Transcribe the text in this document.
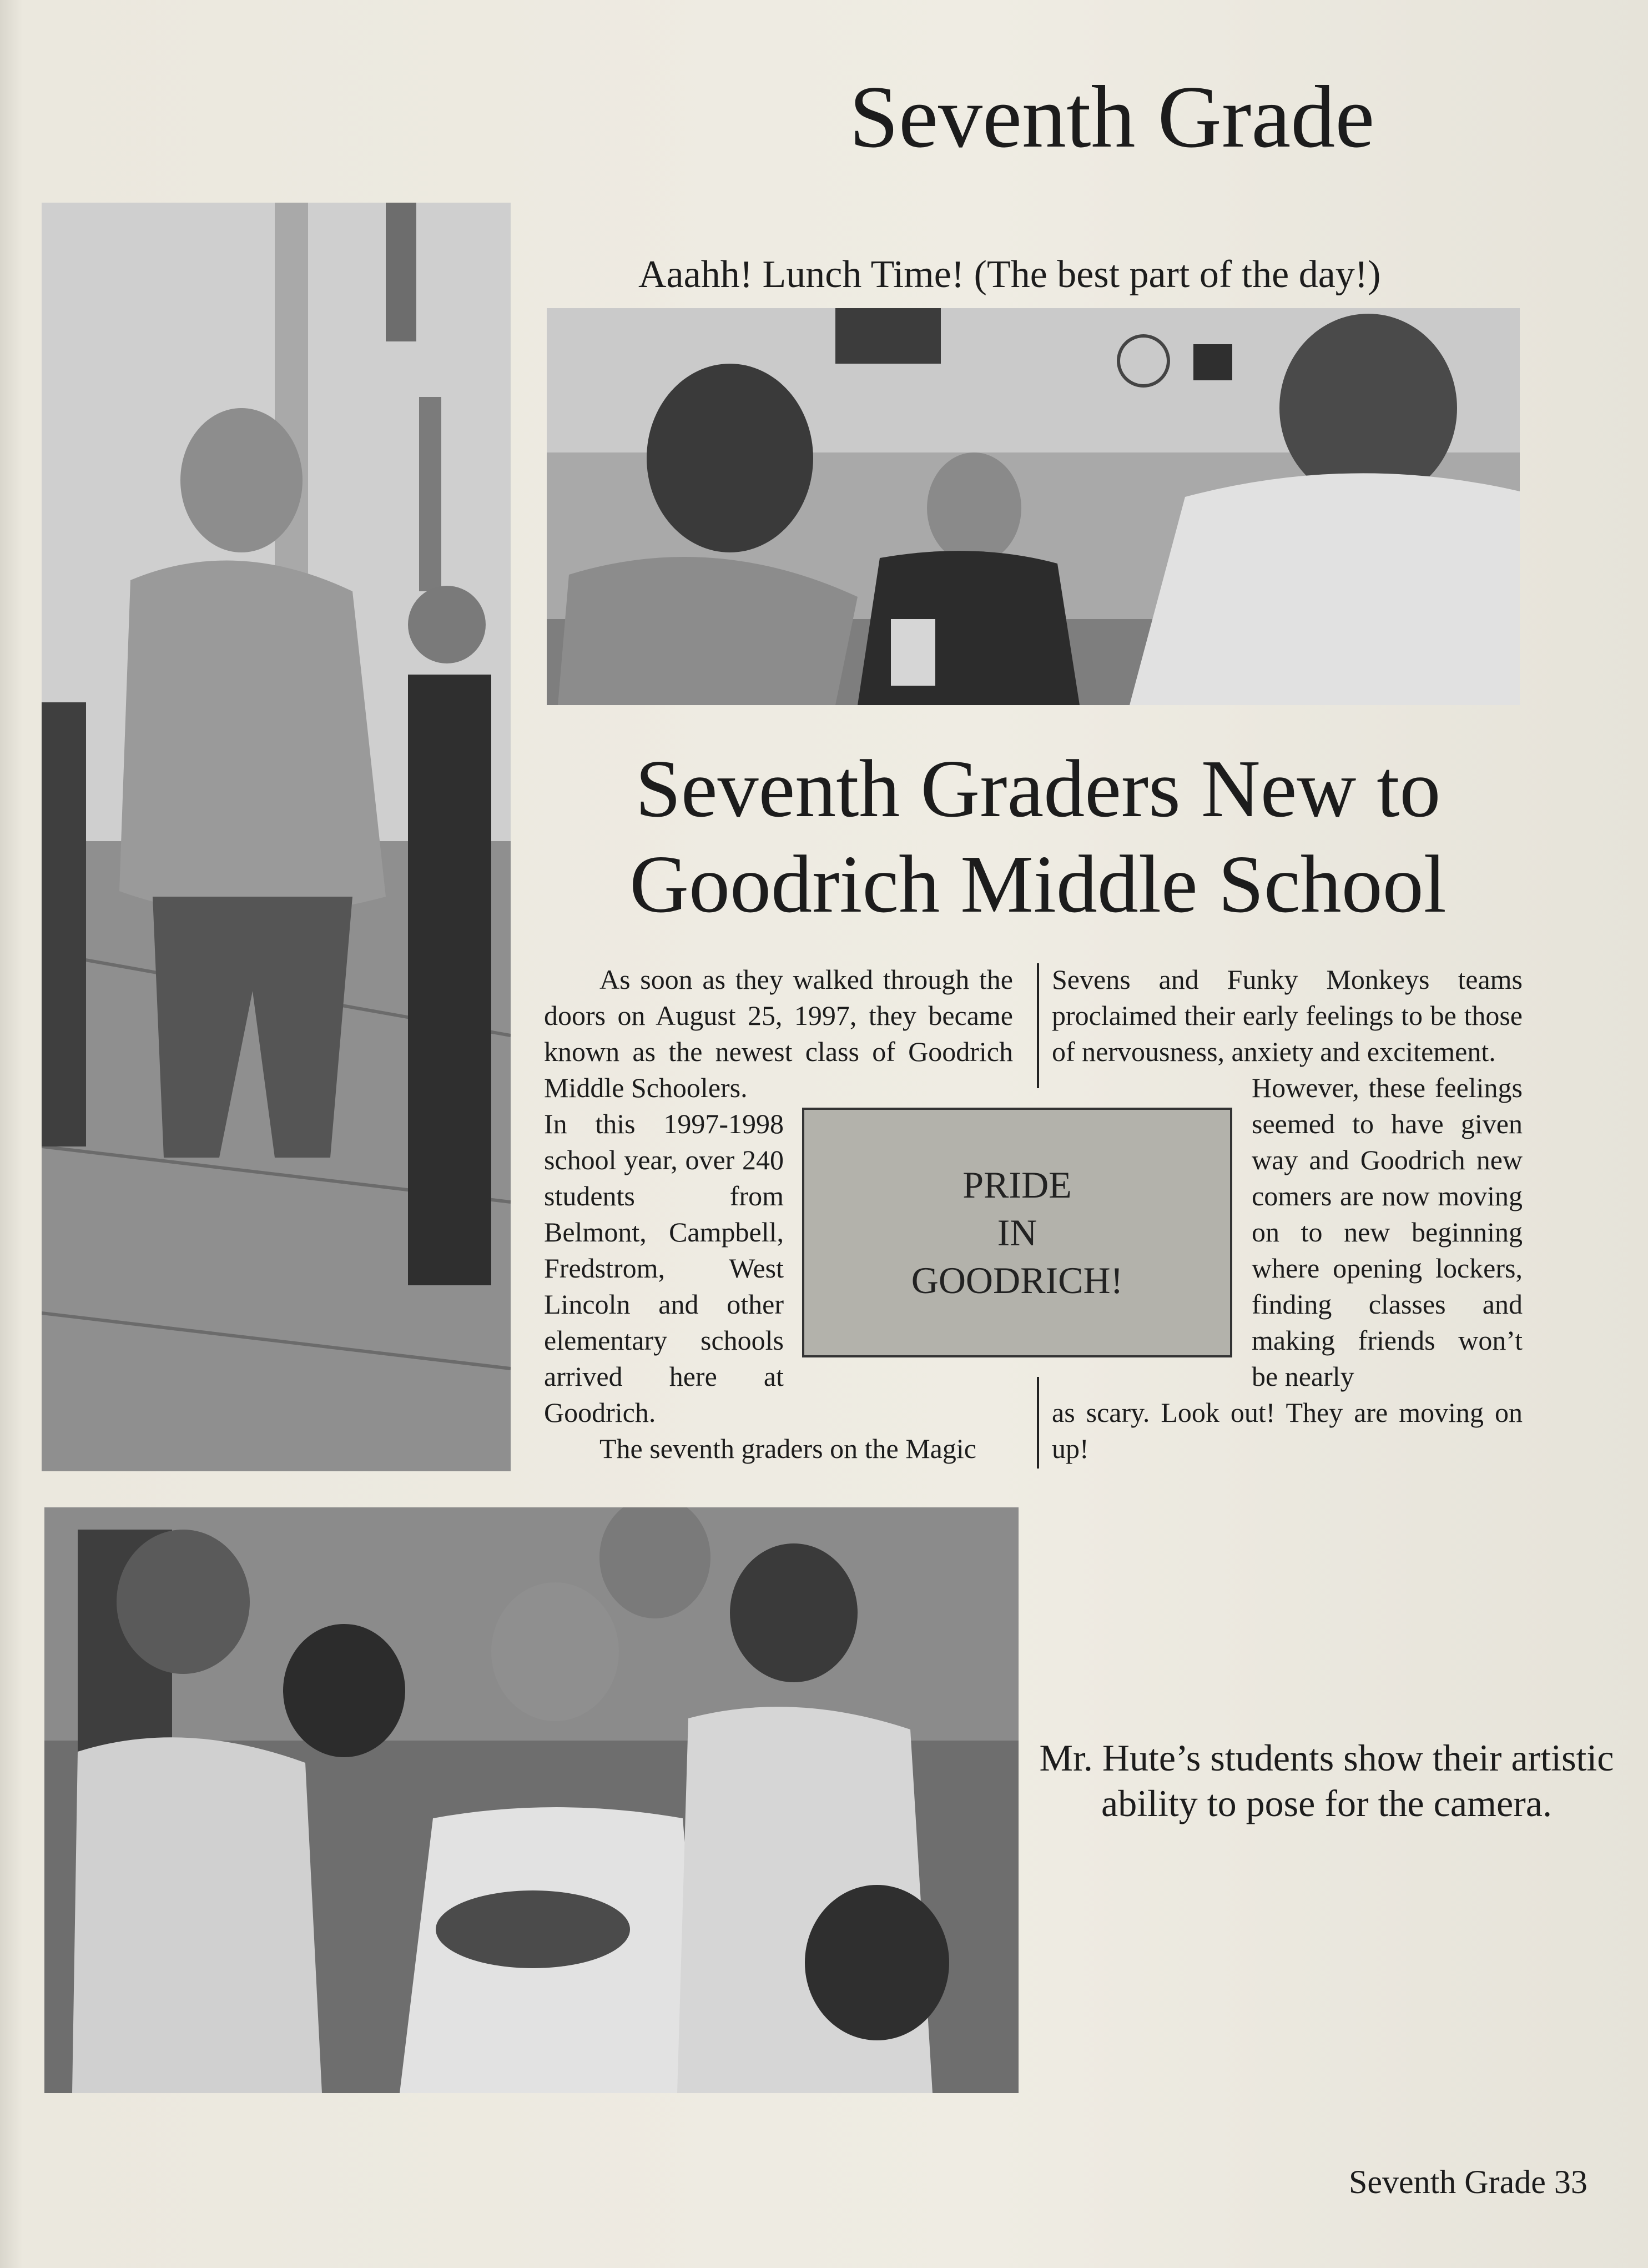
Seventh Grade
Aaahh! Lunch Time! (The best part of the day!)
Seventh Graders New to
Goodrich Middle School
As soon as they walked through the doors on August 25, 1997, they became known as the newest class of Goodrich Middle Schoolers.
In this 1997-1998 school year, over 240 students from Belmont, Campbell, Fredstrom, West Lincoln and other elementary schools arrived here at Goodrich.
The seventh graders on the Magic
Sevens and Funky Monkeys teams proclaimed their early feelings to be those of nervousness, anxiety and excitement.
However, these feelings seemed to have given way and Goodrich new comers are now moving on to new beginning where opening lockers, finding classes and making friends won’t be nearly
as scary. Look out! They are moving on up!
PRIDE
IN
GOODRICH!
Mr. Hute’s students show their artistic
ability to pose for the camera.
Seventh Grade 33
